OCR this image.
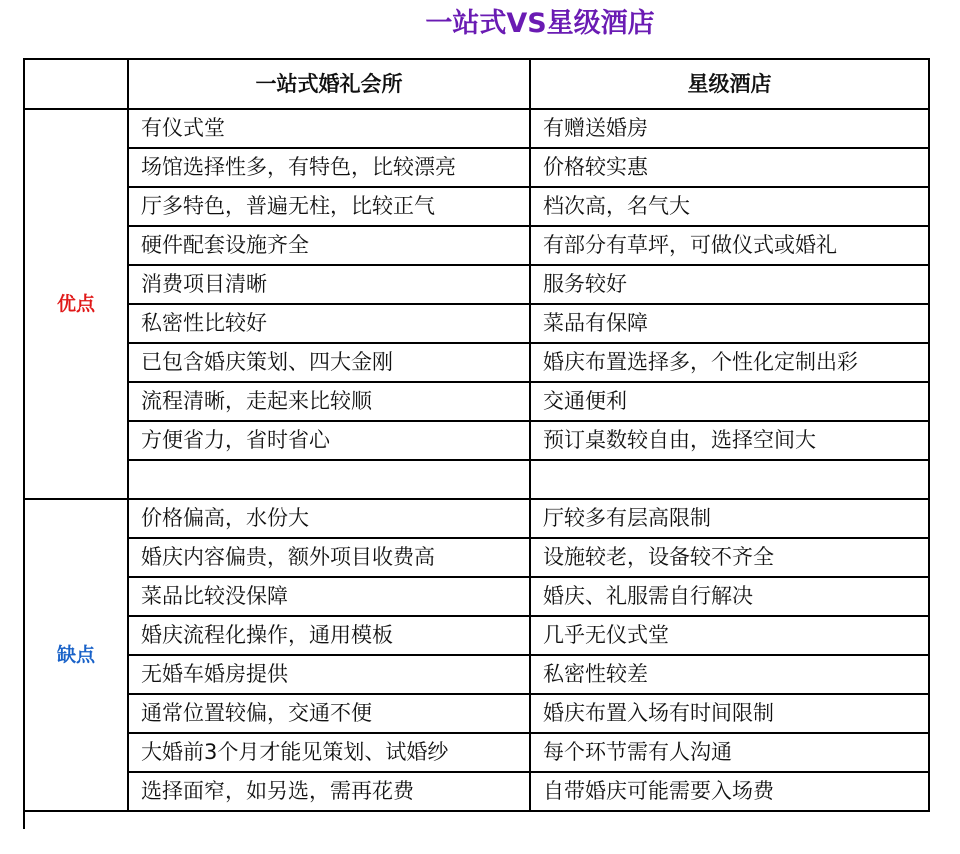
一站式VS星级酒店
一站式婚礼会所	星级酒店
优点
有仪式堂	有赠送婚房
场馆选择性多，有特色，比较漂亮	价格较实惠
厅多特色，普遍无柱，比较正气	档次高，名气大
硬件配套设施齐全	有部分有草坪，可做仪式或婚礼
消费项目清晰	服务较好
私密性比较好	菜品有保障
已包含婚庆策划、四大金刚	婚庆布置选择多，个性化定制出彩
流程清晰，走起来比较顺	交通便利
方便省力，省时省心	预订桌数较自由，选择空间大
缺点
价格偏高，水份大	厅较多有层高限制
婚庆内容偏贵，额外项目收费高	设施较老，设备较不齐全
菜品比较没保障	婚庆、礼服需自行解决
婚庆流程化操作，通用模板	几乎无仪式堂
无婚车婚房提供	私密性较差
通常位置较偏，交通不便	婚庆布置入场有时间限制
大婚前3个月才能见策划、试婚纱	每个环节需有人沟通
选择面窄，如另选，需再花费	自带婚庆可能需要入场费
